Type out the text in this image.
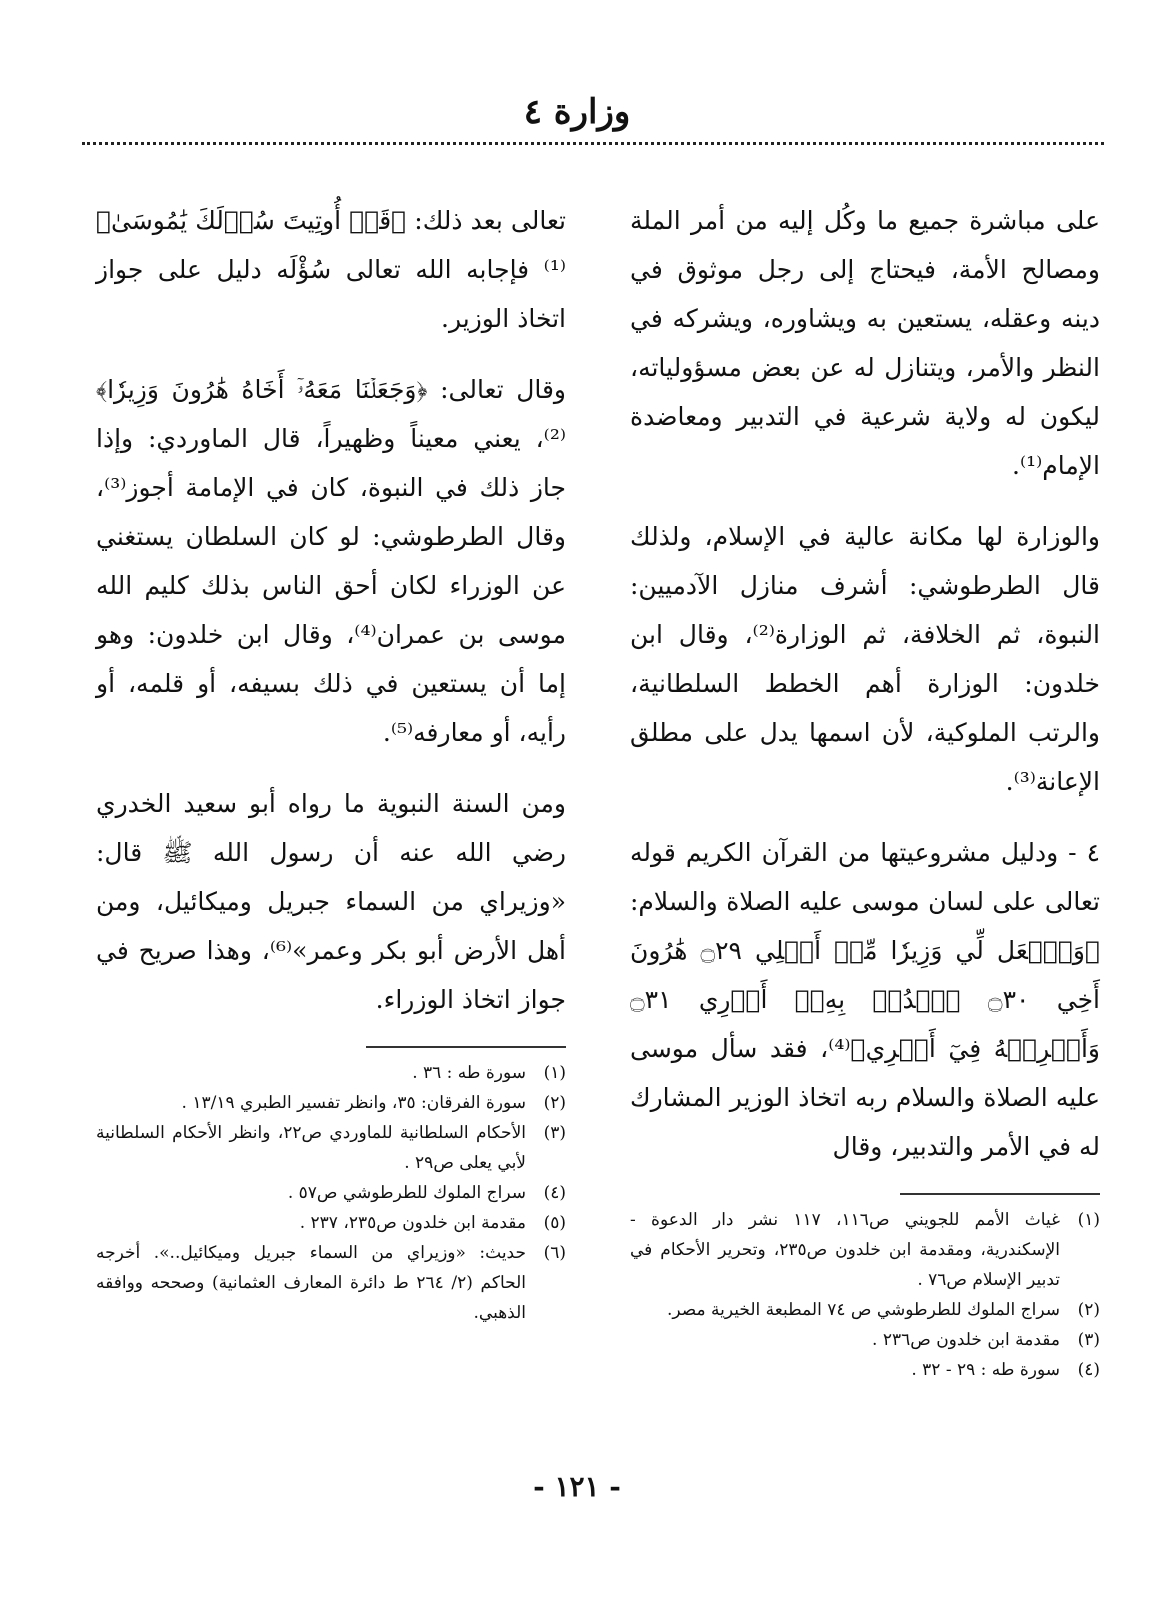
وزارة ٤

على مباشرة جميع ما وكُل إليه من أمر الملة ومصالح الأمة، فيحتاج إلى رجل موثوق في دينه وعقله، يستعين به ويشاوره، ويشركه في النظر والأمر، ويتنازل له عن بعض مسؤولياته، ليكون له ولاية شرعية في التدبير ومعاضدة الإمام⁽¹⁾.

والوزارة لها مكانة عالية في الإسلام، ولذلك قال الطرطوشي: أشرف منازل الآدميين: النبوة، ثم الخلافة، ثم الوزارة⁽²⁾، وقال ابن خلدون: الوزارة أهم الخطط السلطانية، والرتب الملوكية، لأن اسمها يدل على مطلق الإعانة⁽³⁾.

٤ - ودليل مشروعيتها من القرآن الكريم قوله تعالى على لسان موسى عليه الصلاة والسلام: ﴿وَٱجۡعَل لِّي وَزِيرٗا مِّنۡ أَهۡلِي ۝٢٩ هَٰرُونَ أَخِي ۝٣٠ ٱشۡدُدۡ بِهِۦٓ أَزۡرِي ۝٣١ وَأَشۡرِكۡهُ فِيٓ أَمۡرِي﴾⁽⁴⁾، فقد سأل موسى عليه الصلاة والسلام ربه اتخاذ الوزير المشارك له في الأمر والتدبير، وقال

(١)
غياث الأمم للجويني ص١١٦، ١١٧ نشر دار الدعوة - الإسكندرية، ومقدمة ابن خلدون ص٢٣٥، وتحرير الأحكام في تدبير الإسلام ص٧٦ .
(٢)
سراج الملوك للطرطوشي ص ٧٤ المطبعة الخيرية مصر.
(٣)
مقدمة ابن خلدون ص٢٣٦ .
(٤)
سورة طه : ٢٩ - ٣٢ .

تعالى بعد ذلك: ﴿قَدۡ أُوتِيتَ سُؤۡلَكَ يَٰمُوسَىٰ﴾⁽¹⁾ فإجابه الله تعالى سُؤْلَه دليل على جواز اتخاذ الوزير.

وقال تعالى: ﴿وَجَعَلۡنَا مَعَهُۥٓ أَخَاهُ هَٰرُونَ وَزِيرٗا﴾⁽²⁾، يعني معيناً وظهيراً، قال الماوردي: وإذا جاز ذلك في النبوة، كان في الإمامة أجوز⁽³⁾، وقال الطرطوشي: لو كان السلطان يستغني عن الوزراء لكان أحق الناس بذلك كليم الله موسى بن عمران⁽⁴⁾، وقال ابن خلدون: وهو إما أن يستعين في ذلك بسيفه، أو قلمه، أو رأيه، أو معارفه⁽⁵⁾.

ومن السنة النبوية ما رواه أبو سعيد الخدري رضي الله عنه أن رسول الله ﷺ قال: «وزيراي من السماء جبريل وميكائيل، ومن أهل الأرض أبو بكر وعمر»⁽⁶⁾، وهذا صريح في جواز اتخاذ الوزراء.

(١)
سورة طه : ٣٦ .
(٢)
سورة الفرقان: ٣٥، وانظر تفسير الطبري ١٣/١٩ .
(٣)
الأحكام السلطانية للماوردي ص٢٢، وانظر الأحكام السلطانية لأبي يعلى ص٢٩ .
(٤)
سراج الملوك للطرطوشي ص٥٧ .
(٥)
مقدمة ابن خلدون ص٢٣٥، ٢٣٧ .
(٦)
حديث: «وزيراي من السماء جبريل وميكائيل..». أخرجه الحاكم (٢/ ٢٦٤ ط دائرة المعارف العثمانية) وصححه ووافقه الذهبي.
- ١٢١ -
